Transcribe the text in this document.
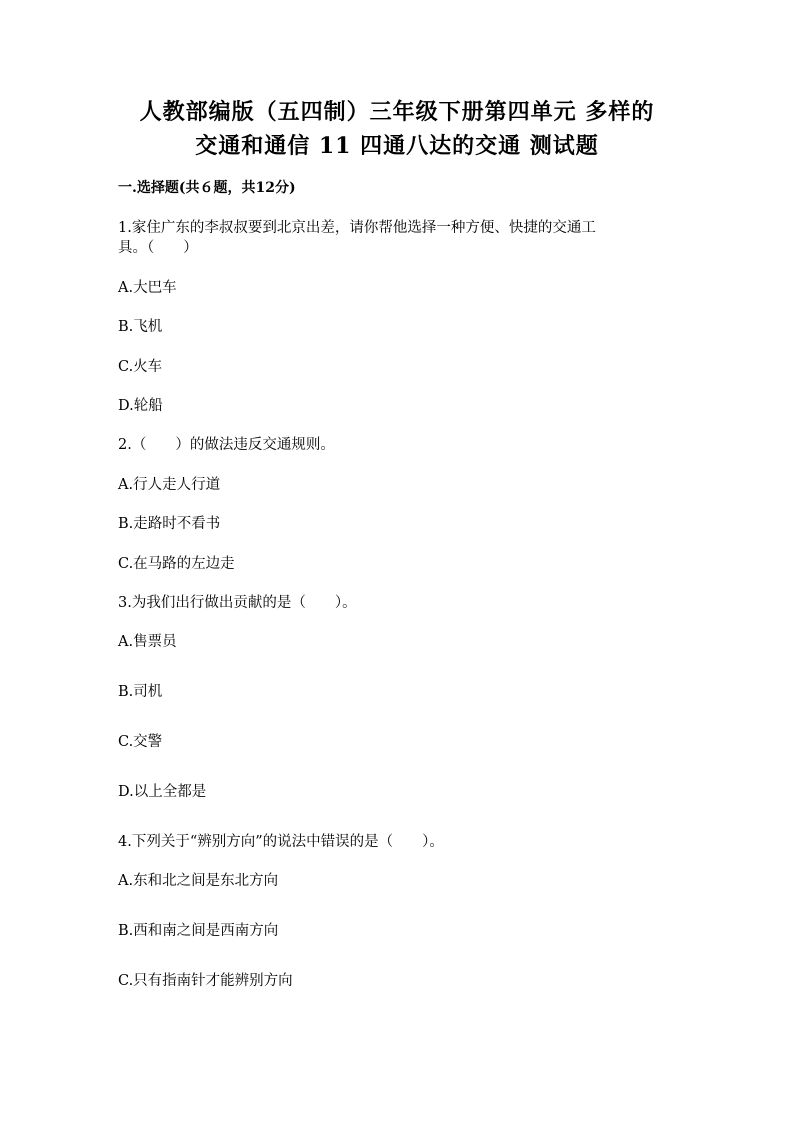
人教部编版（五四制）三年级下册第四单元 多样的
交通和通信 11 四通八达的交通 测试题
一.选择题(共６题，共12分)
1.家住广东的李叔叔要到北京出差，请你帮他选择一种方便、快捷的交通工
具。（　　）
A.大巴车
B.飞机
C.火车
D.轮船
2.（　　）的做法违反交通规则。
A.行人走人行道
B.走路时不看书
C.在马路的左边走
3.为我们出行做出贡献的是（　　）。
A.售票员
B.司机
C.交警
D.以上全都是
4.下列关于“辨别方向”的说法中错误的是（　　）。
A.东和北之间是东北方向
B.西和南之间是西南方向
C.只有指南针才能辨别方向
